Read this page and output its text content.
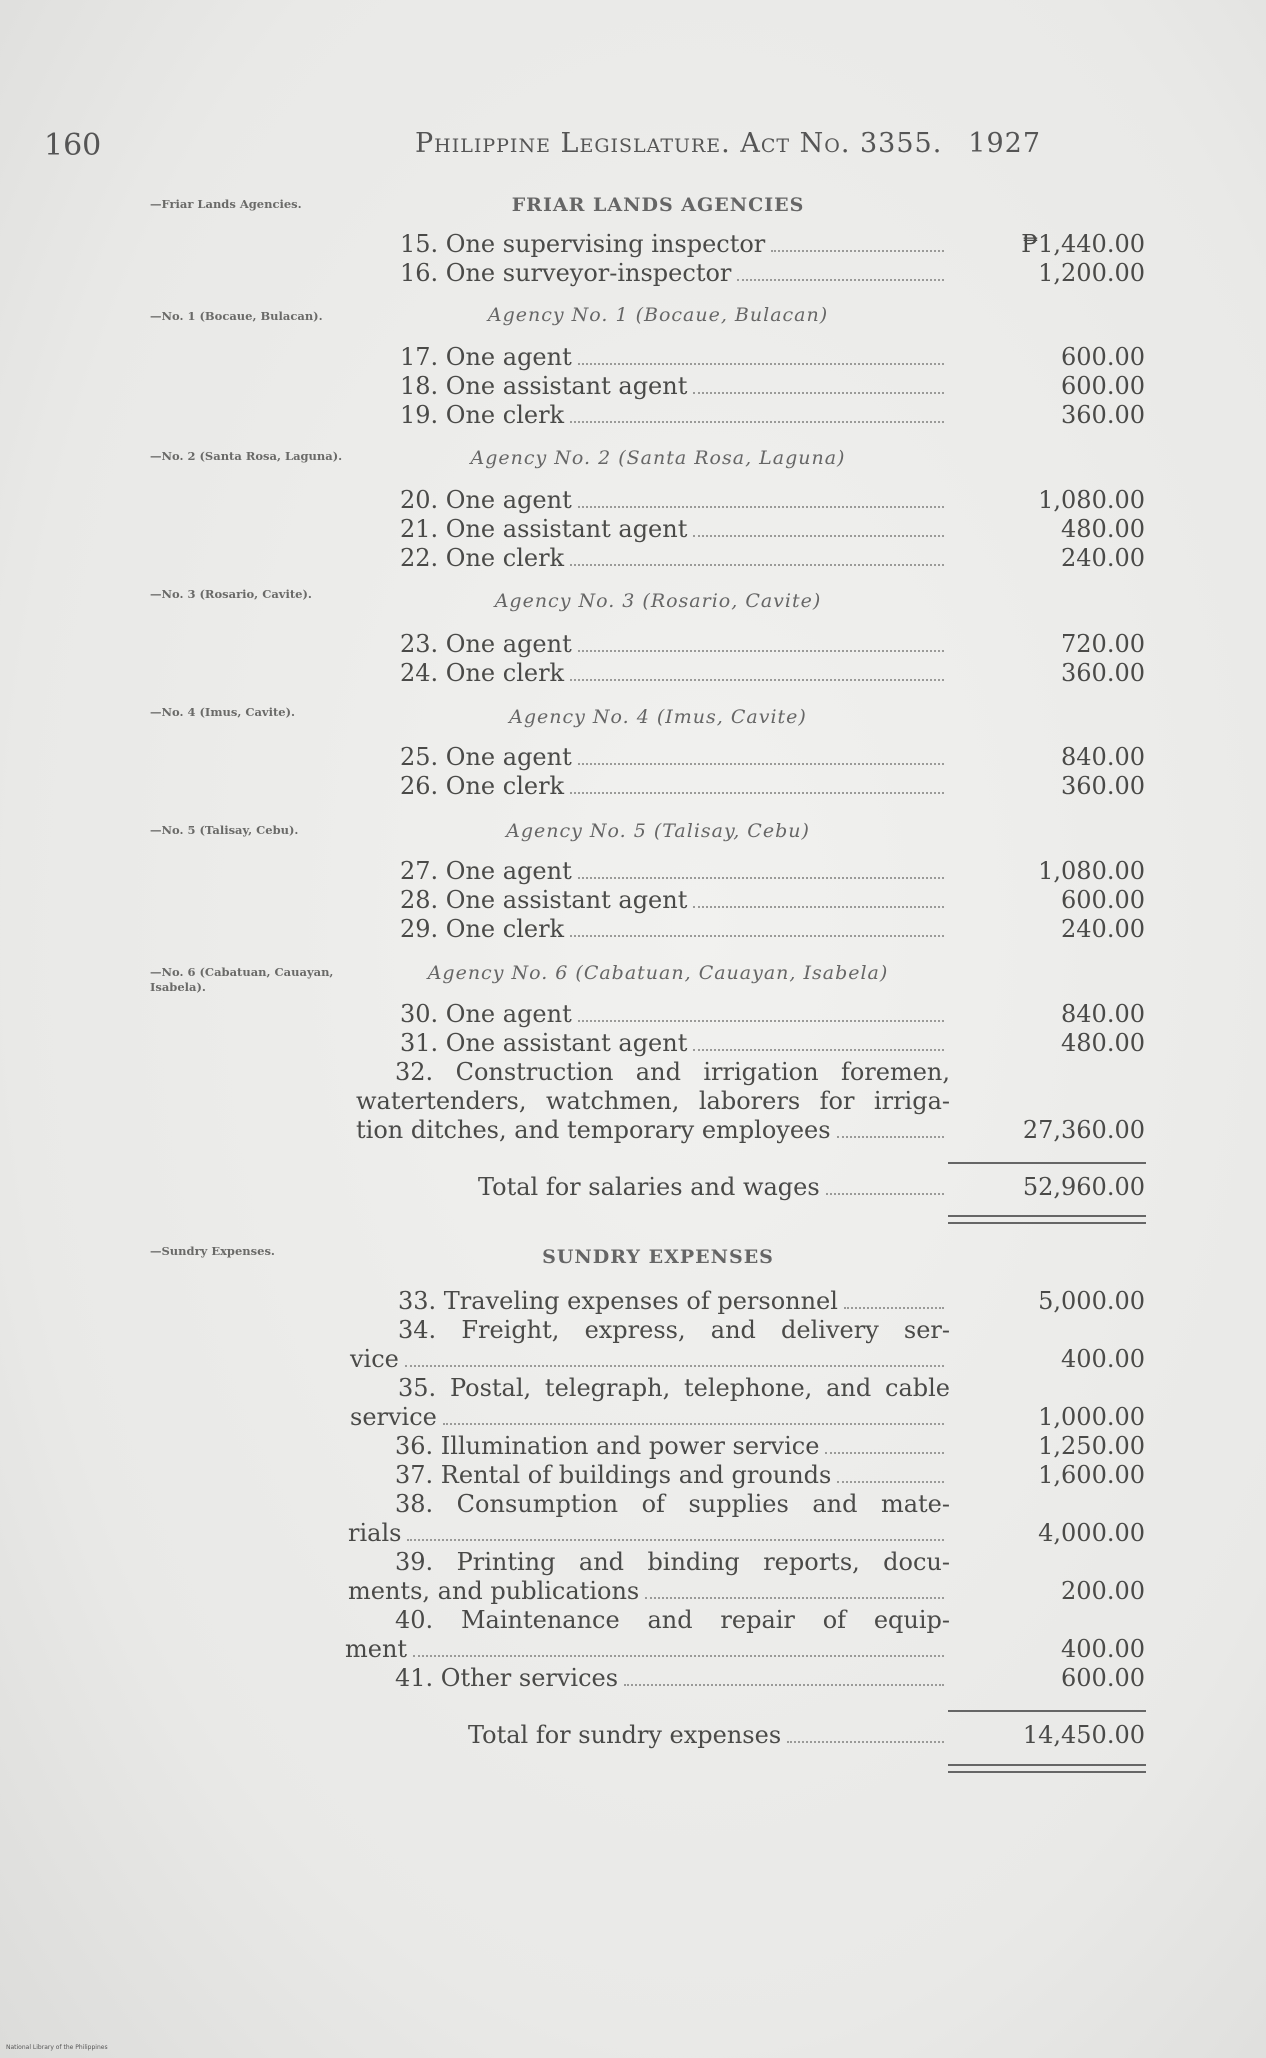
160	Philippine Legislature. Act No. 3355. 1927
—Friar Lands Agencies.
—No. 1 (Bocaue, Bulacan).
—No. 2 (Santa Rosa, Laguna).
—No. 3 (Rosario, Cavite).
—No. 4 (Imus, Cavite).
—No. 5 (Talisay, Cebu).
—No. 6 (Cabatuan, Cauayan, Isabela).
—Sundry Expenses.
FRIAR LANDS AGENCIES
15. One supervising inspector	₱1,440.00
16. One surveyor-inspector	1,200.00
Agency No. 1 (Bocaue, Bulacan)
17. One agent	600.00
18. One assistant agent	600.00
19. One clerk	360.00
Agency No. 2 (Santa Rosa, Laguna)
20. One agent	1,080.00
21. One assistant agent	480.00
22. One clerk	240.00
Agency No. 3 (Rosario, Cavite)
23. One agent	720.00
24. One clerk	360.00
Agency No. 4 (Imus, Cavite)
25. One agent	840.00
26. One clerk	360.00
Agency No. 5 (Talisay, Cebu)
27. One agent	1,080.00
28. One assistant agent	600.00
29. One clerk	240.00
Agency No. 6 (Cabatuan, Cauayan, Isabela)
30. One agent	840.00
31. One assistant agent	480.00
32. Construction and irrigation foremen,
watertenders, watchmen, laborers for irriga-
tion ditches, and temporary employees	27,360.00
Total for salaries and wages	52,960.00
SUNDRY EXPENSES
33. Traveling expenses of personnel	5,000.00
34. Freight, express, and delivery ser-
vice	400.00
35. Postal, telegraph, telephone, and cable
service	1,000.00
36. Illumination and power service	1,250.00
37. Rental of buildings and grounds	1,600.00
38. Consumption of supplies and mate-
rials	4,000.00
39. Printing and binding reports, docu-
ments, and publications	200.00
40. Maintenance and repair of equip-
ment	400.00
41. Other services	600.00
Total for sundry expenses	14,450.00
National Library of the Philippines
